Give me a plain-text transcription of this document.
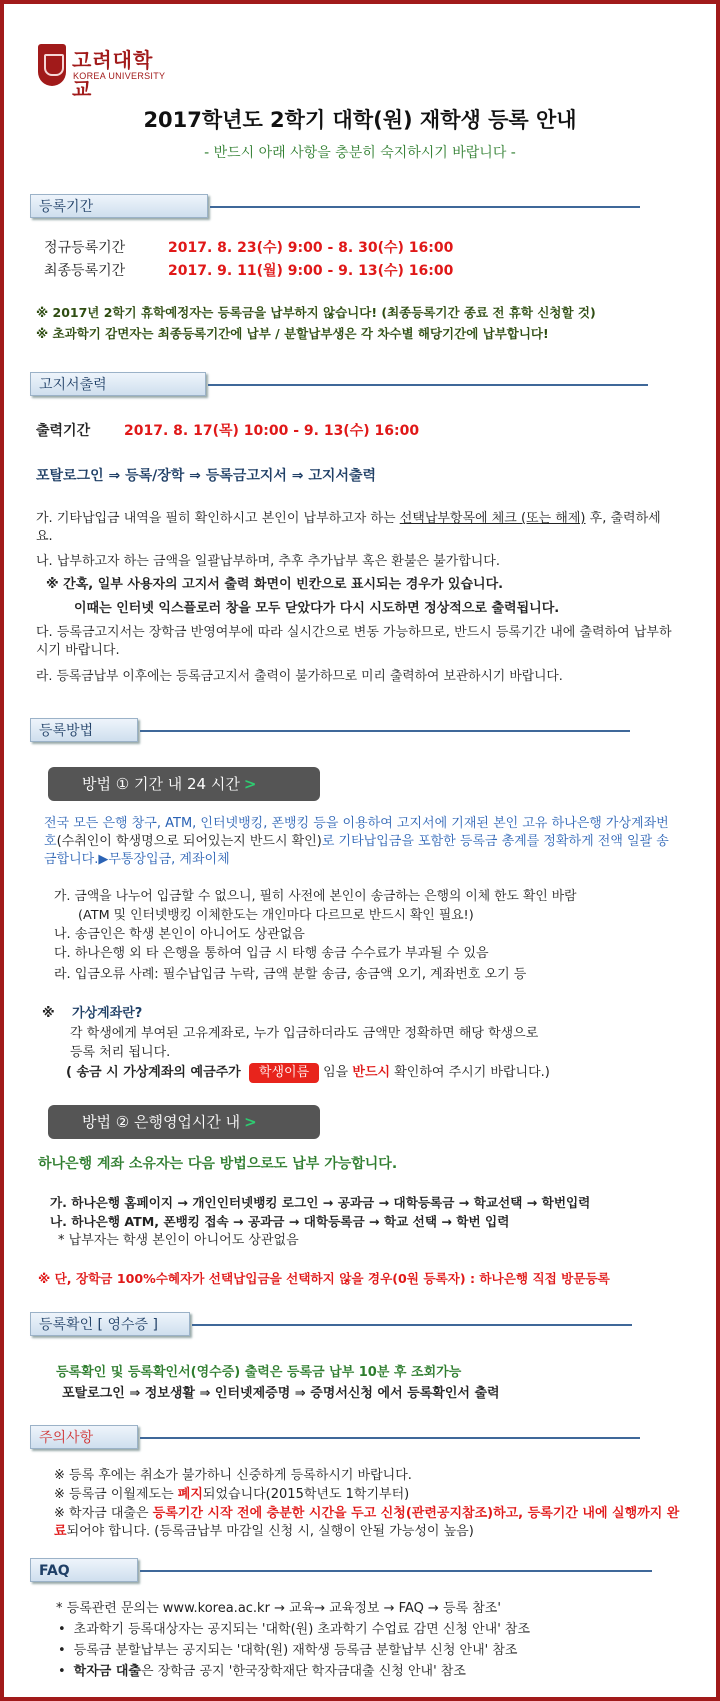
고려대학교
KOREA UNIVERSITY
2017학년도 2학기 대학(원) 재학생 등록 안내
- 반드시 아래 사항을 충분히 숙지하시기 바랍니다 -
등록기간
정규등록기간	2017. 8. 23(수) 9:00 - 8. 30(수) 16:00
최종등록기간	2017. 9. 11(월) 9:00 - 9. 13(수) 16:00
※ 2017년 2학기 휴학예정자는 등록금을 납부하지 않습니다! (최종등록기간 종료 전 휴학 신청할 것)
※ 초과학기 감면자는 최종등록기간에 납부 / 분할납부생은 각 차수별 해당기간에 납부합니다!
고지서출력
출력기간 2017. 8. 17(목) 10:00 - 9. 13(수) 16:00
포탈로그인 ⇒ 등록/장학 ⇒ 등록금고지서 ⇒ 고지서출력
가. 기타납입금 내역을 필히 확인하시고 본인이 납부하고자 하는 선택납부항목에 체크 (또는 해제) 후, 출력하세요.
나. 납부하고자 하는 금액을 일괄납부하며, 추후 추가납부 혹은 환불은 불가합니다.
※ 간혹, 일부 사용자의 고지서 출력 화면이 빈칸으로 표시되는 경우가 있습니다.
이때는 인터넷 익스플로러 창을 모두 닫았다가 다시 시도하면 정상적으로 출력됩니다.
다. 등록금고지서는 장학금 반영여부에 따라 실시간으로 변동 가능하므로, 반드시 등록기간 내에 출력하여 납부하시기 바랍니다.
라. 등록금납부 이후에는 등록금고지서 출력이 불가하므로 미리 출력하여 보관하시기 바랍니다.
등록방법
방법 ① 기간 내 24 시간 >
전국 모든 은행 창구, ATM, 인터넷뱅킹, 폰뱅킹 등을 이용하여 고지서에 기재된 본인 고유 하나은행 가상계좌번호(수취인이 학생명으로 되어있는지 반드시 확인)로 기타납입금을 포함한 등록금 총계를 정확하게 전액 일괄 송금합니다.▶무통장입금, 계좌이체
가. 금액을 나누어 입금할 수 없으니, 필히 사전에 본인이 송금하는 은행의 이체 한도 확인 바람
(ATM 및 인터넷뱅킹 이체한도는 개인마다 다르므로 반드시 확인 필요!)
나. 송금인은 학생 본인이 아니어도 상관없음
다. 하나은행 외 타 은행을 통하여 입금 시 타행 송금 수수료가 부과될 수 있음
라. 입금오류 사례: 필수납입금 누락, 금액 분할 송금, 송금액 오기, 계좌번호 오기 등
※ 가상계좌란?
각 학생에게 부여된 고유계좌로, 누가 입금하더라도 금액만 정확하면 해당 학생으로
등록 처리 됩니다.
( 송금 시 가상계좌의 예금주가 학생이름 임을 반드시 확인하여 주시기 바랍니다.)
방법 ② 은행영업시간 내 >
하나은행 계좌 소유자는 다음 방법으로도 납부 가능합니다.
가. 하나은행 홈페이지 → 개인인터넷뱅킹 로그인 → 공과금 → 대학등록금 → 학교선택 → 학번입력
나. 하나은행 ATM, 폰뱅킹 접속 → 공과금 → 대학등록금 → 학교 선택 → 학번 입력
* 납부자는 학생 본인이 아니어도 상관없음
※ 단, 장학금 100%수혜자가 선택납입금을 선택하지 않을 경우(0원 등록자) : 하나은행 직접 방문등록
등록확인 [ 영수증 ]
등록확인 및 등록확인서(영수증) 출력은 등록금 납부 10분 후 조회가능
포탈로그인 ⇒ 정보생활 ⇒ 인터넷제증명 ⇒ 증명서신청 에서 등록확인서 출력
주의사항
※ 등록 후에는 취소가 불가하니 신중하게 등록하시기 바랍니다.
※ 등록금 이월제도는 폐지되었습니다(2015학년도 1학기부터)
※ 학자금 대출은 등록기간 시작 전에 충분한 시간을 두고 신청(관련공지참조)하고, 등록기간 내에 실행까지 완료되어야 합니다. (등록금납부 마감일 신청 시, 실행이 안될 가능성이 높음)
FAQ
* 등록관련 문의는 www.korea.ac.kr → 교육→ 교육정보 → FAQ → 등록 참조'
• 초과학기 등록대상자는 공지되는 '대학(원) 초과학기 수업료 감면 신청 안내' 참조
• 등록금 분할납부는 공지되는 '대학(원) 재학생 등록금 분할납부 신청 안내' 참조
• 학자금 대출은 장학금 공지 '한국장학재단 학자금대출 신청 안내' 참조
